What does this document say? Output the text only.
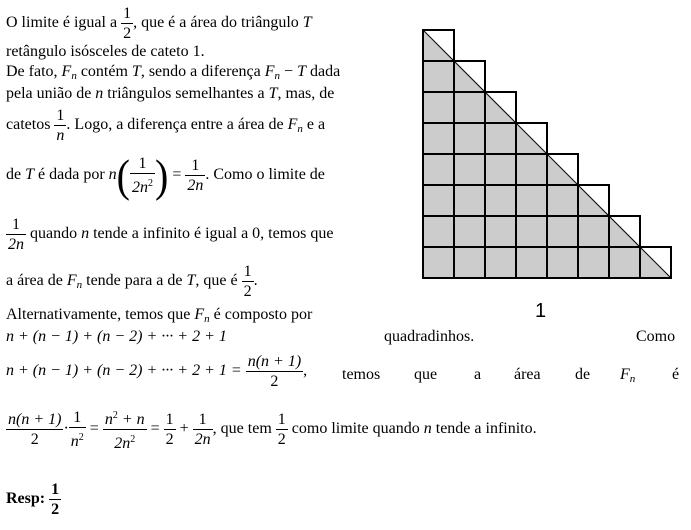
O limite é igual a $\frac{1}{2}$ , que é a área do triângulo T
retângulo isósceles de cateto 1.
De fato, $F_n$ contém T, sendo a diferença $F_n - T$ dada
pela união de n triângulos semelhantes a T, mas, de
catetos $\frac{1}{n}$ . Logo, a diferença entre a área de $F_n$ e a
de T é dada por $n( \frac{1}{2n^2}$ ) = $\frac{1}{2n}$ . Como o limite de
$\frac{1}{2n}$ quando n tende a infinito é igual a 0, temos que
a área de $F_n$ tende para a de T, que é $\frac{1}{2}$ .
Alternativamente, temos que $F_n$ é composto por
n + (n − 1) + (n − 2) + ··· + 2 + 1	quadradinhos.	Como
n + (n − 1) + (n − 2) + ··· + $2 + 1 = \frac{n(n + 1)}{2}$ , temos que a área de $F_n$ é
$\frac{n(n + 1)}{2} \cdot \frac{1}{n^2} = \frac{n^2 + n}{2n^2} = \frac{1}{2} + \frac{1}{2n}$ , que tem $\frac{1}{2}$ como limite quando n tende a infinito.
Resp: $\frac{1}{2}$
1
